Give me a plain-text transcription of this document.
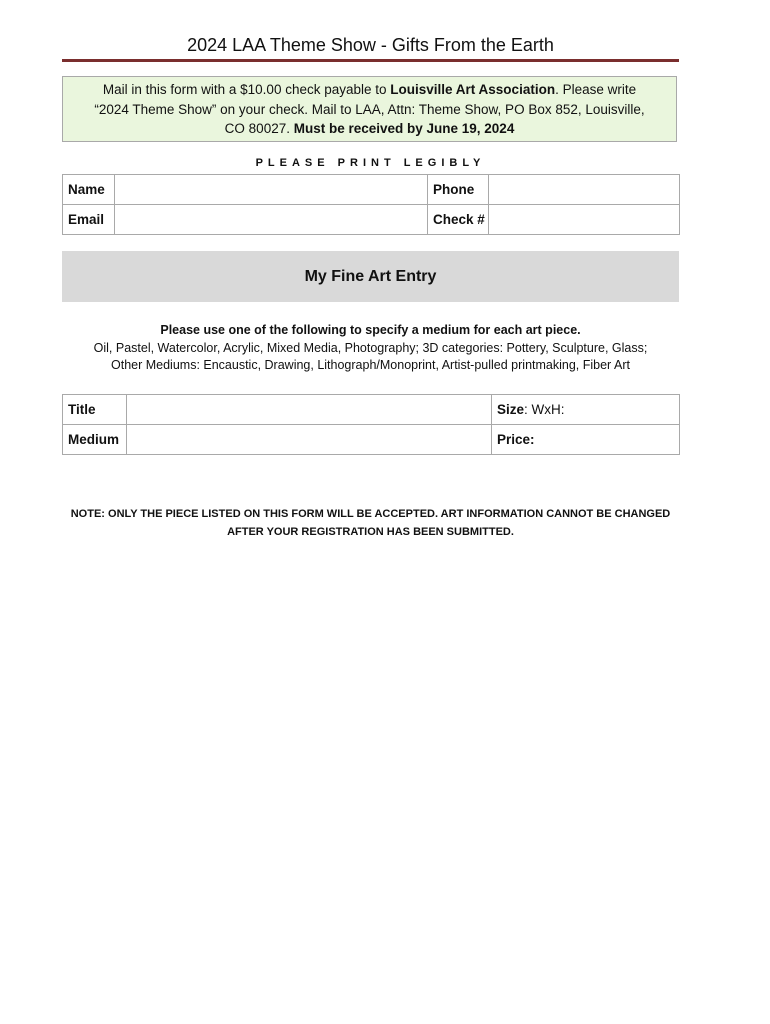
2024 LAA Theme Show - Gifts From the Earth
Mail in this form with a $10.00 check payable to Louisville Art Association. Please write
“2024 Theme Show” on your check. Mail to LAA, Attn: Theme Show, PO Box 852, Louisville,
CO 80027. Must be received by June 19, 2024
PLEASE PRINT LEGIBLY
Name		Phone	
Email		Check #	
My Fine Art Entry
Please use one of the following to specify a medium for each art piece.
Oil, Pastel, Watercolor, Acrylic, Mixed Media, Photography; 3D categories: Pottery, Sculpture, Glass;
Other Mediums: Encaustic, Drawing, Lithograph/Monoprint, Artist-pulled printmaking, Fiber Art
Title		Size: WxH:
Medium		Price:
NOTE: ONLY THE PIECE LISTED ON THIS FORM WILL BE ACCEPTED. ART INFORMATION CANNOT BE CHANGED
AFTER YOUR REGISTRATION HAS BEEN SUBMITTED.
